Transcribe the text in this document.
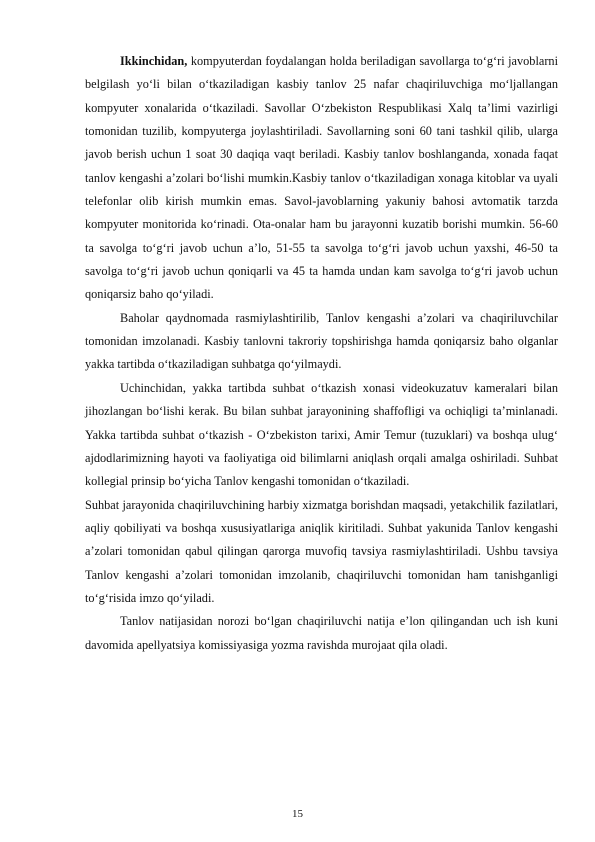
Ikkinchidan, kompyuterdan foydalangan holda beriladigan savollarga to‘g‘ri javoblarni belgilash yo‘li bilan o‘tkaziladigan kasbiy tanlov 25 nafar chaqiriluvchiga mo‘ljallangan kompyuter xonalarida o‘tkaziladi. Savollar O‘zbekiston Respublikasi Xalq ta’limi vazirligi tomonidan tuzilib, kompyuterga joylashtiriladi. Savollarning soni 60 tani tashkil qilib, ularga javob berish uchun 1 soat 30 daqiqa vaqt beriladi. Kasbiy tanlov boshlanganda, xonada faqat tanlov kengashi a’zolari bo‘lishi mumkin.Kasbiy tanlov o‘tkaziladigan xonaga kitoblar va uyali telefonlar olib kirish mumkin emas. Savol-javoblarning yakuniy bahosi avtomatik tarzda kompyuter monitorida ko‘rinadi. Ota-onalar ham bu jarayonni kuzatib borishi mumkin. 56-60 ta savolga to‘g‘ri javob uchun a’lo, 51-55 ta savolga to‘g‘ri javob uchun yaxshi, 46-50 ta savolga to‘g‘ri javob uchun qoniqarli va 45 ta hamda undan kam savolga to‘g‘ri javob uchun qoniqarsiz baho qo‘yiladi.

Baholar qaydnomada rasmiylashtirilib, Tanlov kengashi a’zolari va chaqiriluvchilar tomonidan imzolanadi. Kasbiy tanlovni takroriy topshirishga hamda qoniqarsiz baho olganlar yakka tartibda o‘tkaziladigan suhbatga qo‘yilmaydi.

Uchinchidan, yakka tartibda suhbat o‘tkazish xonasi videokuzatuv kameralari bilan jihozlangan bo‘lishi kerak. Bu bilan suhbat jarayonining shaffofligi va ochiqligi ta’minlanadi. Yakka tartibda suhbat o‘tkazish - O‘zbekiston tarixi, Amir Temur (tuzuklari) va boshqa ulug‘ ajdodlarimizning hayoti va faoliyatiga oid bilimlarni aniqlash orqali amalga oshiriladi. Suhbat kollegial prinsip bo‘yicha Tanlov kengashi tomonidan o‘tkaziladi.

Suhbat jarayonida chaqiriluvchining harbiy xizmatga borishdan maqsadi, yetakchilik fazilatlari, aqliy qobiliyati va boshqa xususiyatlariga aniqlik kiritiladi. Suhbat yakunida Tanlov kengashi a’zolari tomonidan qabul qilingan qarorga muvofiq tavsiya rasmiylashtiriladi. Ushbu tavsiya Tanlov kengashi a’zolari tomonidan imzolanib, chaqiriluvchi tomonidan ham tanishganligi to‘g‘risida imzo qo‘yiladi.

Tanlov natijasidan norozi bo‘lgan chaqiriluvchi natija e’lon qilingandan uch ish kuni davomida apellyatsiya komissiyasiga yozma ravishda murojaat qila oladi.

15
